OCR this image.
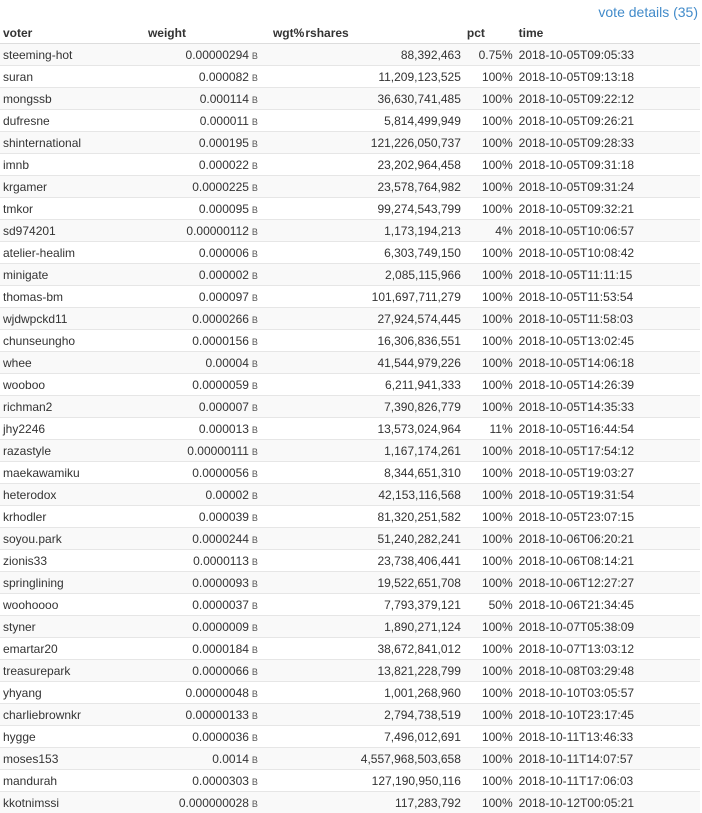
vote details (35)
voter	weight	wgt%	rshares	pct	time
steeming-hot	0.00000294 B		88,392,463	0.75%	2018-10-05T09:05:33
suran	0.000082 B		11,209,123,525	100%	2018-10-05T09:13:18
mongssb	0.000114 B		36,630,741,485	100%	2018-10-05T09:22:12
dufresne	0.000011 B		5,814,499,949	100%	2018-10-05T09:26:21
shinternational	0.000195 B		121,226,050,737	100%	2018-10-05T09:28:33
imnb	0.000022 B		23,202,964,458	100%	2018-10-05T09:31:18
krgamer	0.0000225 B		23,578,764,982	100%	2018-10-05T09:31:24
tmkor	0.000095 B		99,274,543,799	100%	2018-10-05T09:32:21
sd974201	0.00000112 B		1,173,194,213	4%	2018-10-05T10:06:57
atelier-healim	0.000006 B		6,303,749,150	100%	2018-10-05T10:08:42
minigate	0.000002 B		2,085,115,966	100%	2018-10-05T11:11:15
thomas-bm	0.000097 B		101,697,711,279	100%	2018-10-05T11:53:54
wjdwpckd11	0.0000266 B		27,924,574,445	100%	2018-10-05T11:58:03
chunseungho	0.0000156 B		16,306,836,551	100%	2018-10-05T13:02:45
whee	0.00004 B		41,544,979,226	100%	2018-10-05T14:06:18
wooboo	0.0000059 B		6,211,941,333	100%	2018-10-05T14:26:39
richman2	0.000007 B		7,390,826,779	100%	2018-10-05T14:35:33
jhy2246	0.000013 B		13,573,024,964	11%	2018-10-05T16:44:54
razastyle	0.00000111 B		1,167,174,261	100%	2018-10-05T17:54:12
maekawamiku	0.0000056 B		8,344,651,310	100%	2018-10-05T19:03:27
heterodox	0.00002 B		42,153,116,568	100%	2018-10-05T19:31:54
krhodler	0.000039 B		81,320,251,582	100%	2018-10-05T23:07:15
soyou.park	0.0000244 B		51,240,282,241	100%	2018-10-06T06:20:21
zionis33	0.0000113 B		23,738,406,441	100%	2018-10-06T08:14:21
springlining	0.0000093 B		19,522,651,708	100%	2018-10-06T12:27:27
woohoooo	0.0000037 B		7,793,379,121	50%	2018-10-06T21:34:45
styner	0.0000009 B		1,890,271,124	100%	2018-10-07T05:38:09
emartar20	0.0000184 B		38,672,841,012	100%	2018-10-07T13:03:12
treasurepark	0.0000066 B		13,821,228,799	100%	2018-10-08T03:29:48
yhyang	0.00000048 B		1,001,268,960	100%	2018-10-10T03:05:57
charliebrownkr	0.00000133 B		2,794,738,519	100%	2018-10-10T23:17:45
hygge	0.0000036 B		7,496,012,691	100%	2018-10-11T13:46:33
moses153	0.0014 B		4,557,968,503,658	100%	2018-10-11T14:07:57
mandurah	0.0000303 B		127,190,950,116	100%	2018-10-11T17:06:03
kkotnimssi	0.000000028 B		117,283,792	100%	2018-10-12T00:05:21
